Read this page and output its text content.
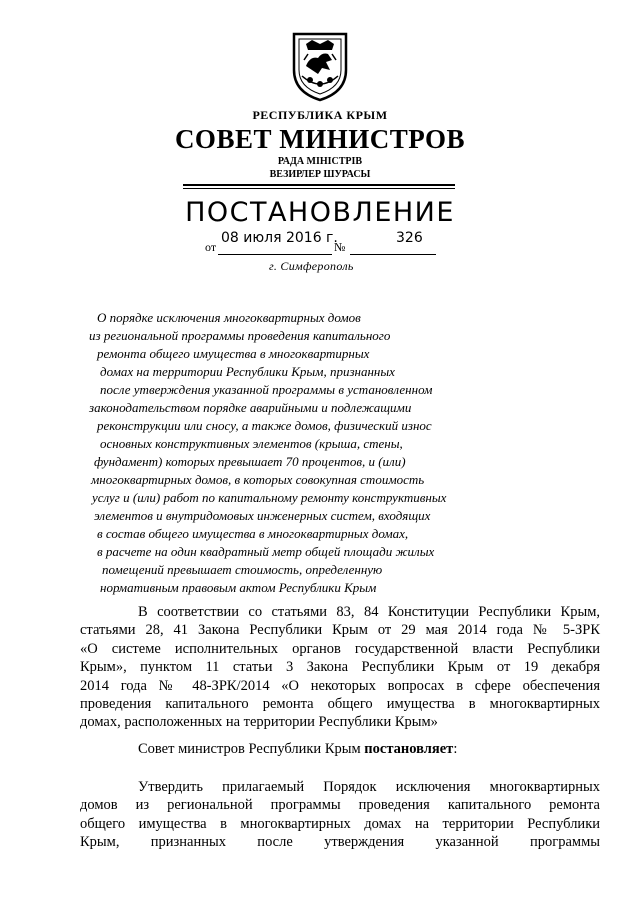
РЕСПУБЛИКА КРЫМ
СОВЕТ МИНИСТРОВ
РАДА МІНІСТРІВ
ВЕЗИРЛЕР ШУРАСЫ
ПОСТАНОВЛЕНИЕ
от
08 июля 2016 г.
№
326
г. Симферополь
О порядке исключения многоквартирных домов
из региональной программы проведения капитального
ремонта общего имущества в многоквартирных
домах на территории Республики Крым, признанных
после утверждения указанной программы в установленном
законодательством порядке аварийными и подлежащими
реконструкции или сносу, а также домов, физический износ
основных конструктивных элементов (крыша, стены,
фундамент) которых превышает 70 процентов, и (или)
многоквартирных домов, в которых совокупная стоимость
услуг и (или) работ по капитальному ремонту конструктивных
элементов и внутридомовых инженерных систем, входящих
в состав общего имущества в многоквартирных домах,
в расчете на один квадратный метр общей площади жилых
помещений превышает стоимость, определенную
нормативным правовым актом Республики Крым
В соответствии со статьями 83, 84 Конституции Республики Крым,
статьями 28, 41 Закона Республики Крым от 29 мая 2014 года № 5-ЗРК
«О системе исполнительных органов государственной власти Республики
Крым», пунктом 11 статьи 3 Закона Республики Крым от 19 декабря
2014 года № 48-ЗРК/2014 «О некоторых вопросах в сфере обеспечения
проведения капитального ремонта общего имущества в многоквартирных
домах, расположенных на территории Республики Крым»
Совет министров Республики Крым постановляет:
Утвердить прилагаемый Порядок исключения многоквартирных
домов из региональной программы проведения капитального ремонта
общего имущества в многоквартирных домах на территории Республики
Крым, признанных после утверждения указанной программы
